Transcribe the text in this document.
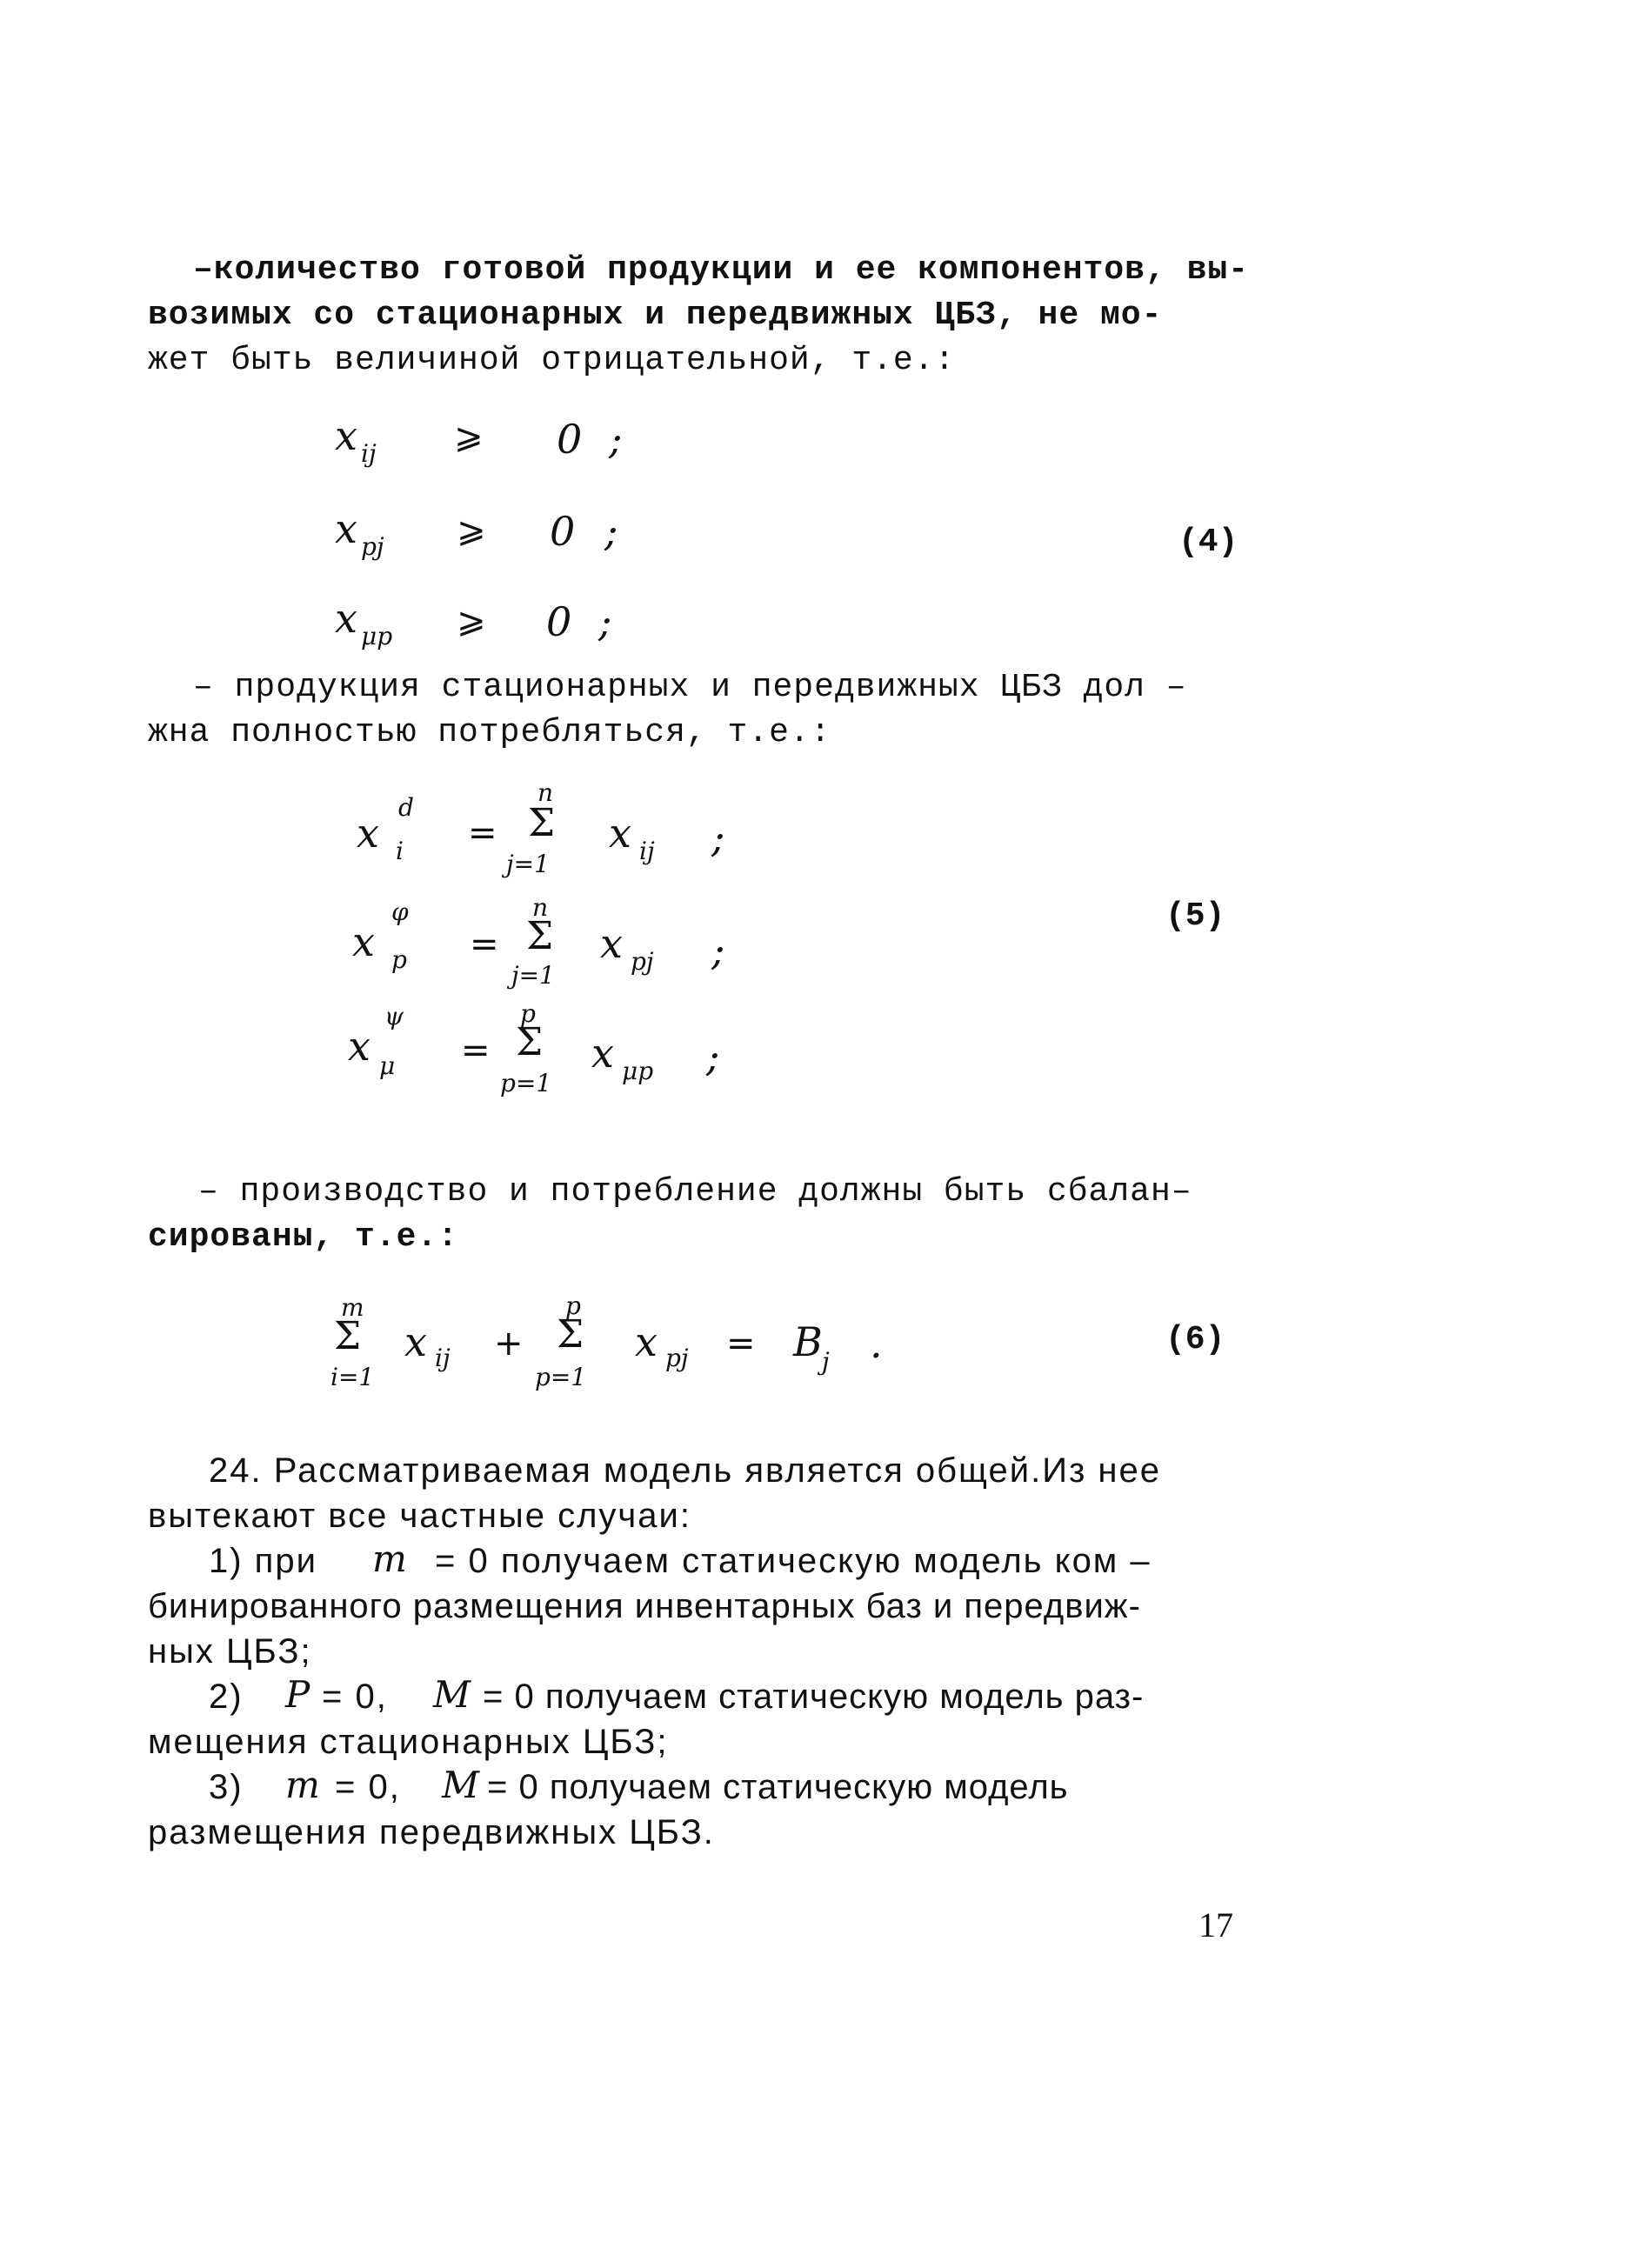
–количество готовой продукции и ее компонентов, вы-

возимых со стационарных и передвижных ЦБЗ, не мо-

жет быть величиной отрицательной, т.е.:

x ij ⩾ 0 ;
x pj ⩾ 0 ;
x μp ⩾ 0 ;
(4)

– продукция стационарных и передвижных ЦБЗ дол –

жна полностью потребляться, т.е.:

x
d
i =
n
Σ
j=1
x ij ;
x
φ
p =
n
Σ
j=1
x pj ;
x
ψ
μ =
p
Σ
p=1
x μp ;
(5)

– производство и потребление должны быть сбалан–

сированы, т.е.:

m
Σ
i=1
x ij +
p
Σ
p=1
x pj = B j .	(6)

24. Рассматриваемая модель является общей.Из нее

вытекают все частные случаи:

1) при m = 0 получаем статическую модель ком –

бинированного размещения инвентарных баз и передвиж-

ных ЦБЗ;

2) P = 0, M = 0 получаем статическую модель раз-

мещения стационарных ЦБЗ;

3) m = 0, M = 0 получаем статическую модель

размещения передвижных ЦБЗ.

17
